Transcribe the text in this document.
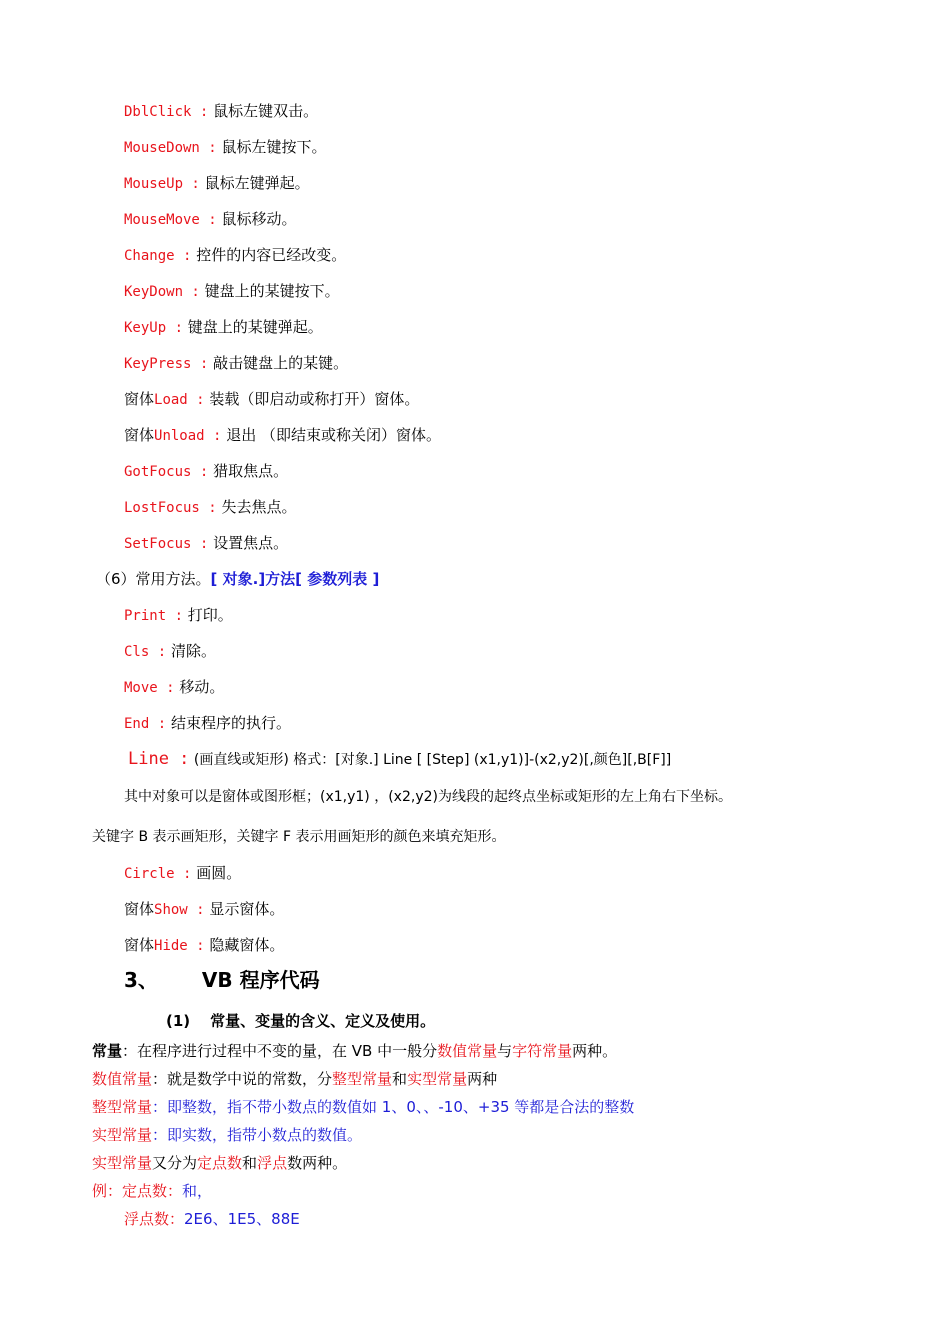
DblClick : 鼠标左键双击。
MouseDown : 鼠标左键按下。
MouseUp : 鼠标左键弹起。
MouseMove : 鼠标移动。
Change : 控件的内容已经改变。
KeyDown : 键盘上的某键按下。
KeyUp : 键盘上的某键弹起。
KeyPress : 敲击键盘上的某键。
窗体Load : 装载（即启动或称打开）窗体。
窗体Unload : 退出 （即结束或称关闭）窗体。
GotFocus : 猎取焦点。
LostFocus : 失去焦点。
SetFocus : 设置焦点。
（6）常用方法。[ 对象.]方法[ 参数列表 ]
Print : 打印。
Cls : 清除。
Move : 移动。
End : 结束程序的执行。
Line : (画直线或矩形) 格式：[对象.] Line [ [Step] (x1,y1)]-(x2,y2)[,颜色][,B[F]]
其中对象可以是窗体或图形框；(x1,y1) ，(x2,y2)为线段的起终点坐标或矩形的左上角右下坐标。
关键字 B 表示画矩形，关键字 F 表示用画矩形的颜色来填充矩形。
Circle : 画圆。
窗体Show : 显示窗体。
窗体Hide : 隐藏窗体。
3、 VB 程序代码
(1) 常量、变量的含义、定义及使用。
常量：在程序进行过程中不变的量，在 VB 中一般分数值常量与字符常量两种。
数值常量：就是数学中说的常数，分整型常量和实型常量两种
整型常量：即整数，指不带小数点的数值如 1、0、、-10、+35 等都是合法的整数
实型常量：即实数，指带小数点的数值。
实型常量又分为定点数和浮点数两种。
例：定点数：和，
浮点数：2E6、1E5、88E
